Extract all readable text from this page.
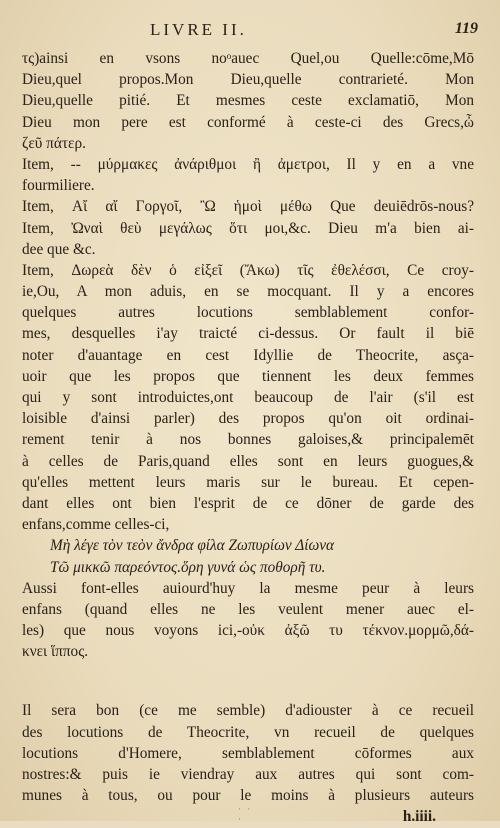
LIVRE II.	119
τς)ainsi en vsons noᵒauec Quel,ou Quelle:cōme,Mō
Dieu,quel propos.Mon Dieu,quelle contrarieté. Mon
Dieu,quelle pitié. Et mesmes ceste exclamatiō, Mon
Dieu mon pere est conformé à ceste-ci des Grecs,ὦ
ζεῦ πάτερ.
Item, -- μύρμακες ἀνάριθμοι ἢ ἀμετροι, Il y en a vne
fourmiliere.
Item, Αἴ αἴ Γοργοῖ, Ὢ ἡμοὶ μέθω Que deuiēdrōs-nous?
Item, Ὠναὶ θεὺ μεγάλως ὅτι μοι,&c. Dieu m'a bien ai-
dee que &c.
Item, Δωρεὰ δὲν ὁ εἰξεῖ (Ἄκω) τῖς ἐθελέσσι, Ce croy-
ie,Ou, A mon aduis, en se mocquant. Il y a encores
quelques autres locutions semblablement confor-
mes, desquelles i'ay traicté ci-dessus. Or fault il biē
noter d'auantage en cest Idyllie de Theocrite, asça-
uoir que les propos que tiennent les deux femmes
qui y sont introduictes,ont beaucoup de l'air (s'il est
loisible d'ainsi parler) des propos qu'on oit ordinai-
rement tenir à nos bonnes galoises,& principalemēt
à celles de Paris,quand elles sont en leurs guogues,&
qu'elles mettent leurs maris sur le bureau. Et cepen-
dant elles ont bien l'esprit de ce dōner de garde des
enfans,comme celles-ci,
Μὴ λέγε τὸν τεὸν ἄνδρα φίλα Ζωπυρίων Δίωνα
Τῶ μικκῶ παρεόντος.ὅρη γυνά ὡς ποθορῆ τυ.
Aussi font-elles auiourd'huy la mesme peur à leurs
enfans (quand elles ne les veulent mener auec el-
les) que nous voyons ici,-οὐκ ἀξῶ τυ τέκνον.μορμῶ,δά-
κνει ἵππος.
Il sera bon (ce me semble) d'adiouster à ce recueil
des locutions de Theocrite, vn recueil de quelques
locutions d'Homere, semblablement cōformes aux
nostres:& puis ie viendray aux autres qui sont com-
munes à tous, ou pour le moins à plusieurs auteurs
h.iiii.
· · ·
